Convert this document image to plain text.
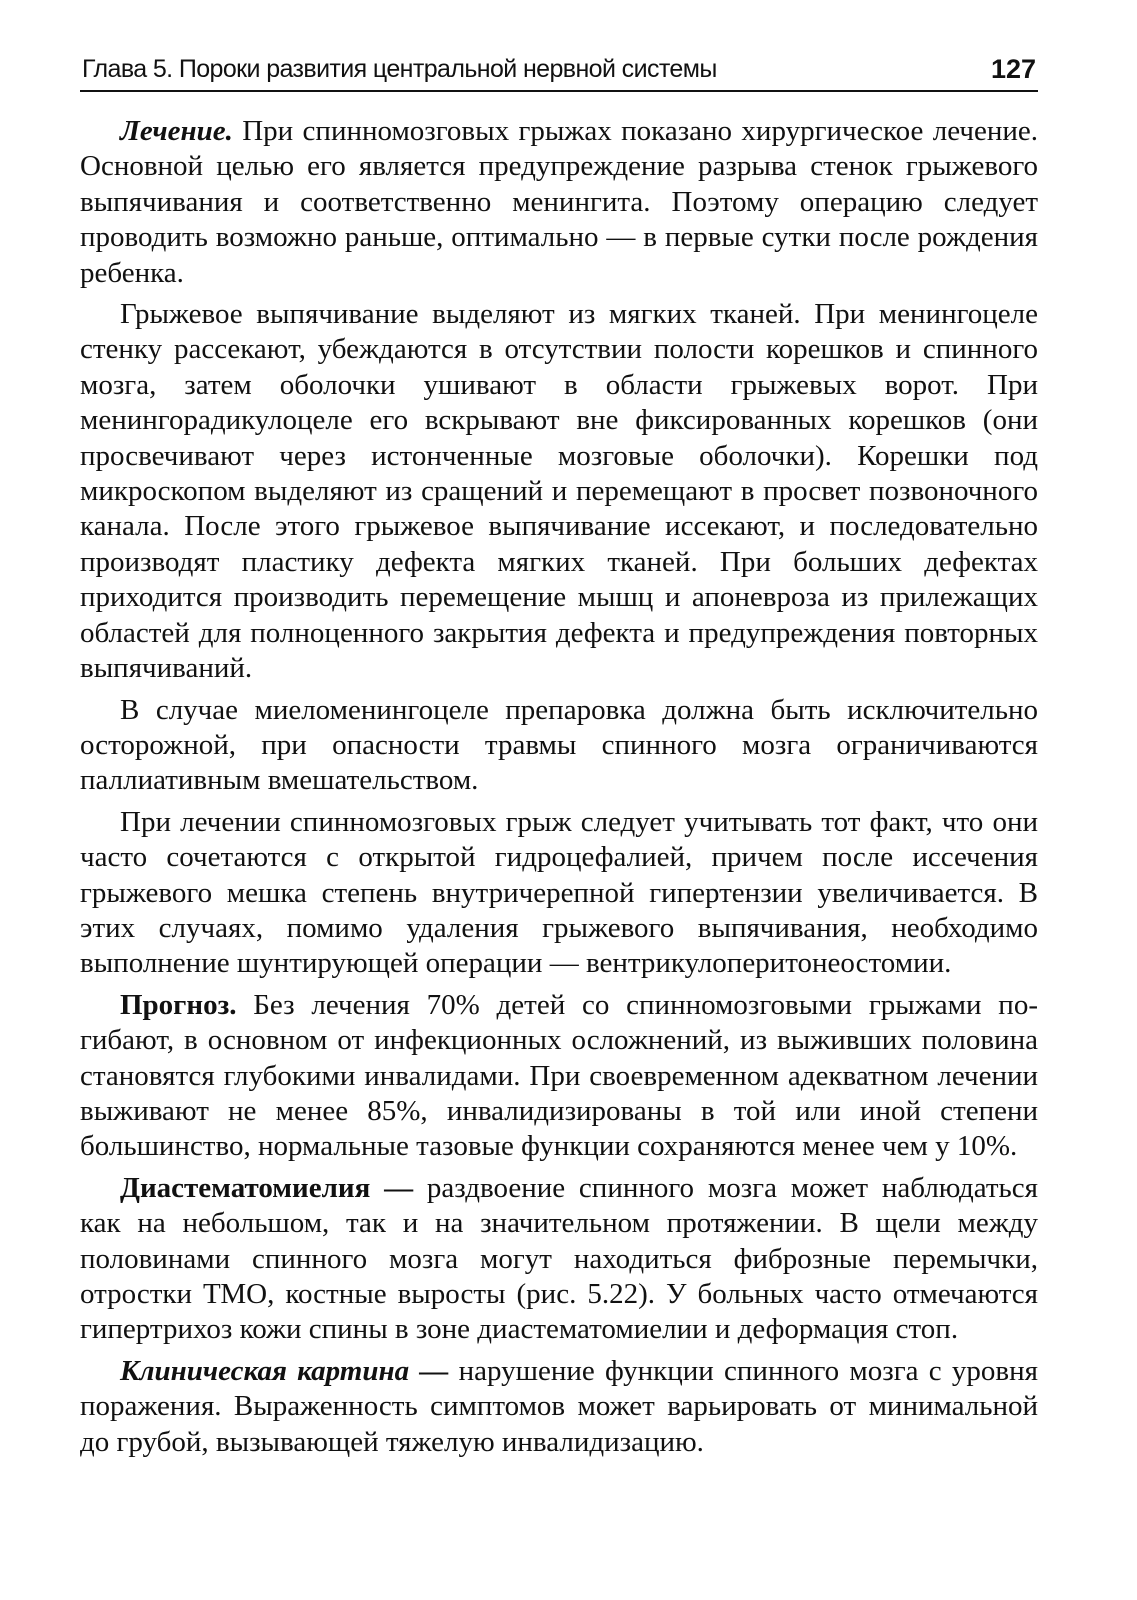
Глава 5. Пороки развития центральной нервной системы	127

Лечение. При спинномозговых грыжах показано хирургическое лечение. Основной целью его является предупреждение разрыва стенок грыжевого выпячивания и соответственно менингита. Поэтому операцию следует проводить возможно раньше, оптимально — в первые сутки после рождения ребенка.

Грыжевое выпячивание выделяют из мягких тканей. При менингоцеле стенку рассекают, убеждаются в отсутствии полости корешков и спинного мозга, затем оболочки ушивают в области грыжевых ворот. При менингорадикулоцеле его вскрывают вне фиксированных корешков (они просвечивают через истонченные мозговые оболочки). Корешки под микроскопом выделяют из сращений и перемещают в просвет позвоночного канала. После этого грыжевое выпячивание иссекают, и последовательно производят пластику дефекта мягких тканей. При больших дефектах приходится производить перемещение мышц и апоневроза из прилежащих областей для полноценного закрытия дефекта и предупреждения повторных выпячиваний.

В случае миеломенингоцеле препаровка должна быть исключительно осторожной, при опасности травмы спинного мозга ограничиваются паллиативным вмешательством.

При лечении спинномозговых грыж следует учитывать тот факт, что они часто сочетаются с открытой гидроцефалией, причем после иссечения грыжевого мешка степень внутричерепной гипертензии увеличивается. В этих случаях, помимо удаления грыжевого выпячивания, необходимо выполнение шунтирующей операции — вентрикулоперитонеостомии.

Прогноз. Без лечения 70% детей со спинномозговыми грыжами погибают, в основном от инфекционных осложнений, из выживших половина становятся глубокими инвалидами. При своевременном адекватном лечении выживают не менее 85%, инвалидизированы в той или иной степени большинство, нормальные тазовые функции сохраняются менее чем у 10%.

Диастематомиелия — раздвоение спинного мозга может наблюдаться как на небольшом, так и на значительном протяжении. В щели между половинами спинного мозга могут находиться фиброзные перемычки, отростки ТМО, костные выросты (рис. 5.22). У больных часто отмечаются гипертрихоз кожи спины в зоне диастематомиелии и деформация стоп.

Клиническая картина — нарушение функции спинного мозга с уровня поражения. Выраженность симптомов может варьировать от минимальной до грубой, вызывающей тяжелую инвалидизацию.
